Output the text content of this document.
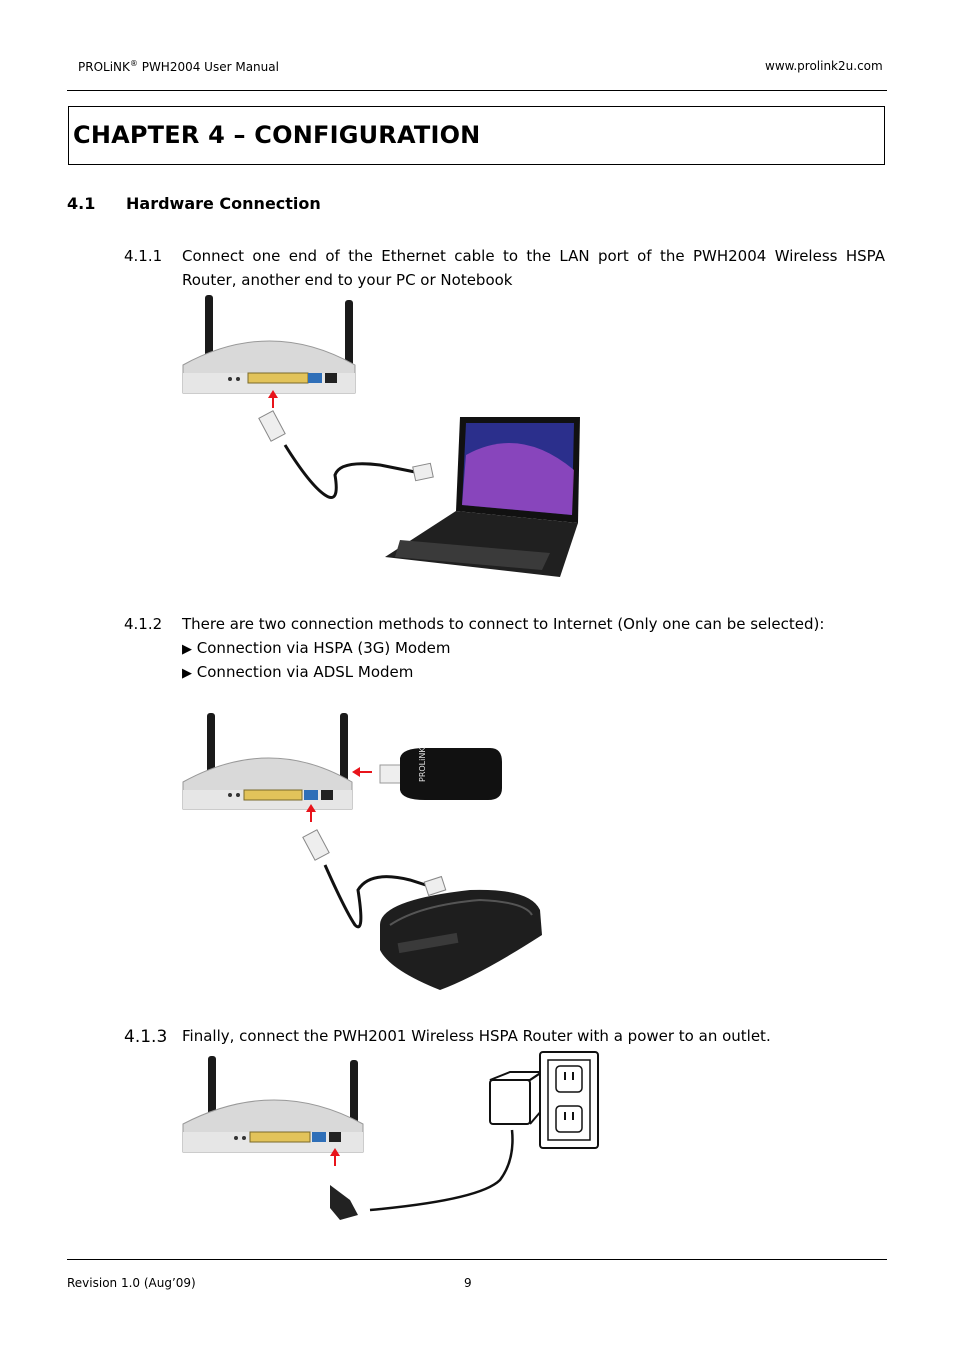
PROLiNK® PWH2004 User Manual	www.prolink2u.com
CHAPTER 4 – CONFIGURATION
4.1 Hardware Connection
4.1.1 Connect one end of the Ethernet cable to the LAN port of the PWH2004 Wireless HSPA Router, another end to your PC or Notebook
4.1.2 There are two connection methods to connect to Internet (Only one can be selected):
▶ Connection via HSPA (3G) Modem
▶ Connection via ADSL Modem
PROLiNK
4.1.3 Finally, connect the PWH2001 Wireless HSPA Router with a power to an outlet.
Revision 1.0 (Aug’09)	9
